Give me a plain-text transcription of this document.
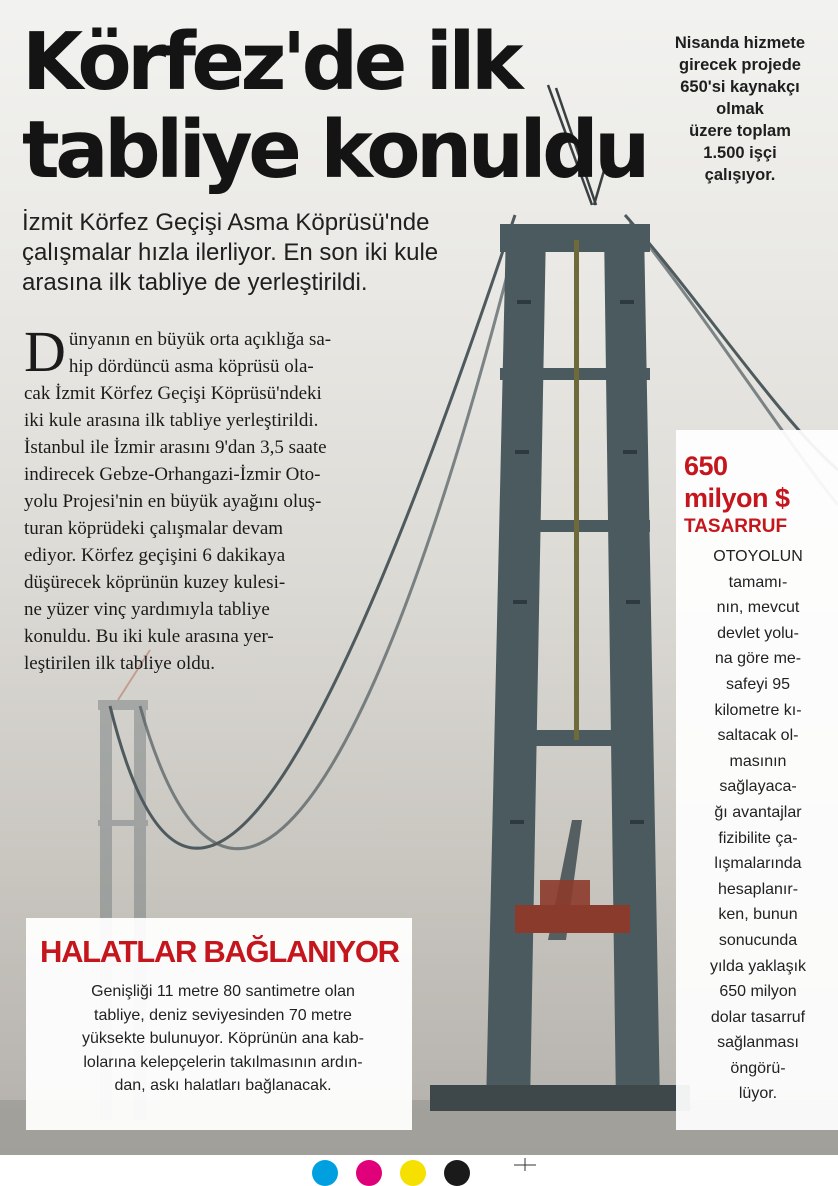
Körfez'de ilk
tabliye konuldu

İzmit Körfez Geçişi Asma Köprüsü'nde çalışmalar hızla ilerliyor. En son iki kule arasına ilk tabliye de yerleştirildi.

D ünyanın en büyük orta açıklığa sa-
hip dördüncü asma köprüsü ola-
cak İzmit Körfez Geçişi Köprüsü'ndeki
iki kule arasına ilk tabliye yerleştirildi.
İstanbul ile İzmir arasını 9'dan 3,5 saate
indirecek Gebze-Orhangazi-İzmir Oto-
yolu Projesi'nin en büyük ayağını oluş-
turan köprüdeki çalışmalar devam
ediyor. Körfez geçişini 6 dakikaya
düşürecek köprünün kuzey kulesi-
ne yüzer vinç yardımıyla tabliye
konuldu. Bu iki kule arasına yer-
leştirilen ilk tabliye oldu.
Nisanda hizmete
girecek projede
650'si kaynakçı
olmak
üzere toplam
1.500 işçi
çalışıyor.
650
milyon $
TASARRUF
OTOYOLUN
tamamı-
nın, mevcut
devlet yolu-
na göre me-
safeyi 95
kilometre kı-
saltacak ol-
masının
sağlayaca-
ğı avantajlar
fizibilite ça-
lışmalarında
hesaplanır-
ken, bunun
sonucunda
yılda yaklaşık
650 milyon
dolar tasarruf
sağlanması
öngörü-
lüyor.
HALATLAR BAĞLANIYOR
Genişliği 11 metre 80 santimetre olan
tabliye, deniz seviyesinden 70 metre
yüksekte bulunuyor. Köprünün ana kab-
lolarına kelepçelerin takılmasının ardın-
dan, askı halatları bağlanacak.
